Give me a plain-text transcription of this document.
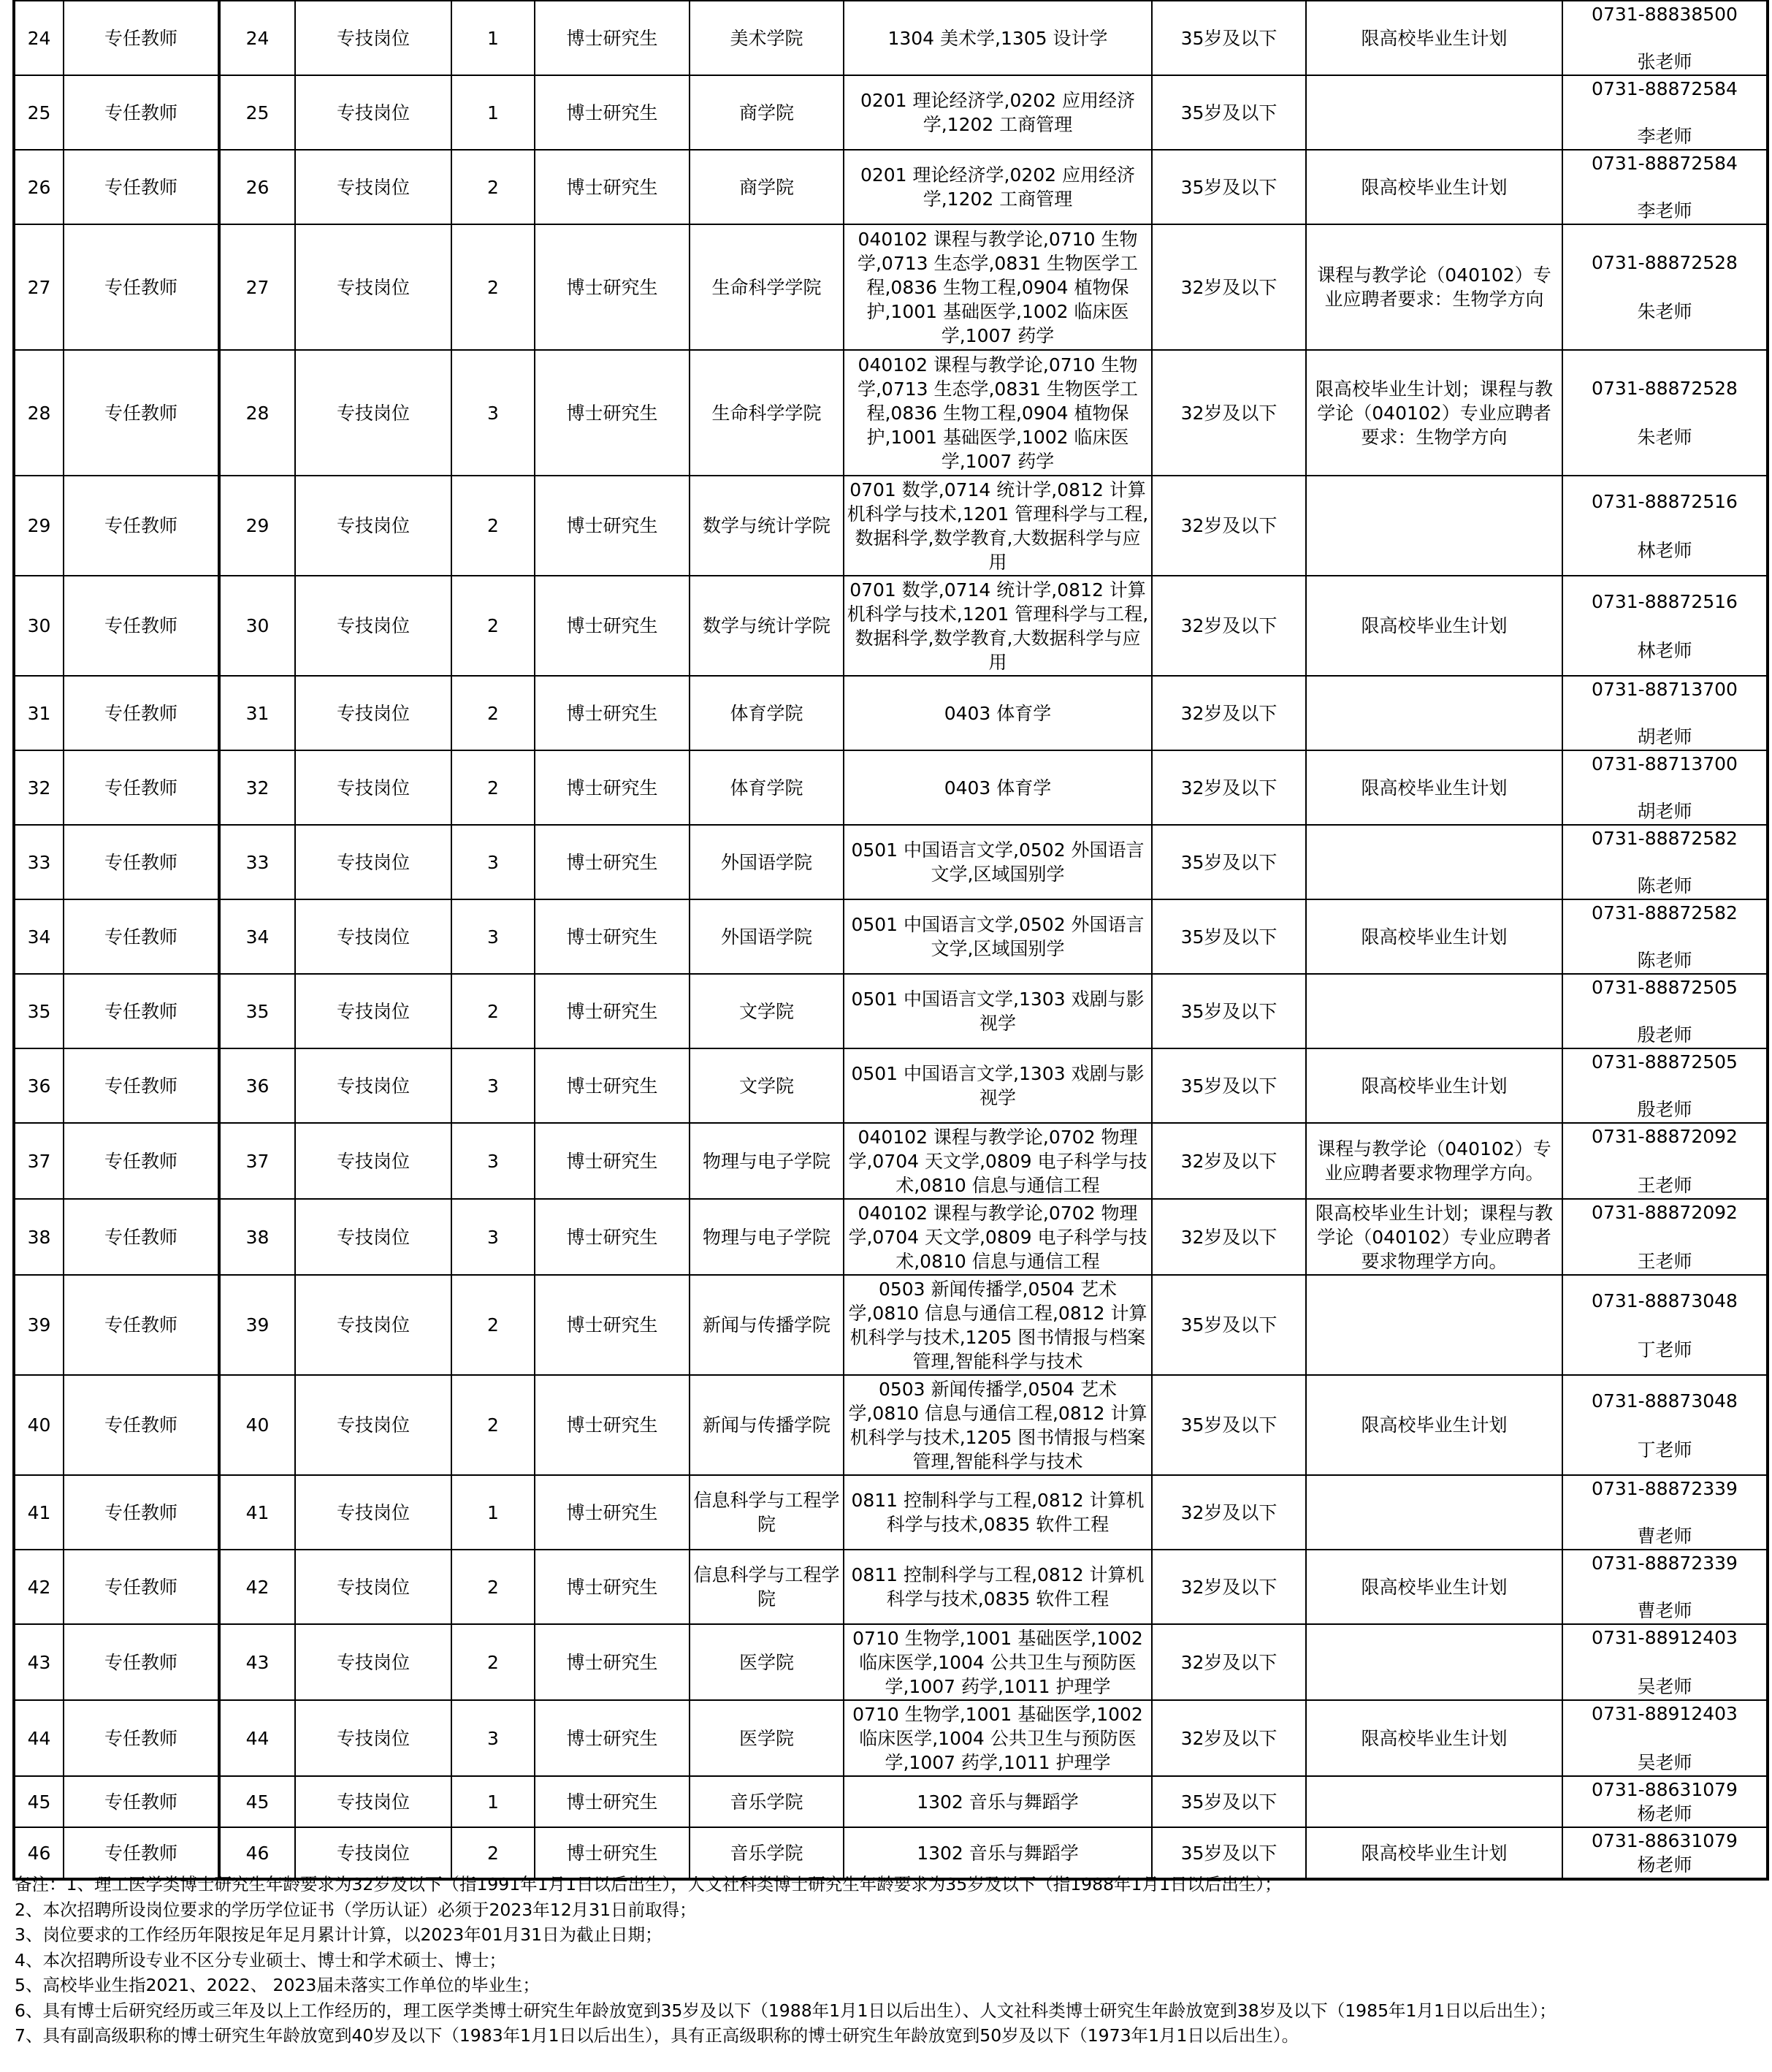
24	专任教师	24	专技岗位	1	博士研究生	美术学院	1304 美术学,1305 设计学	35岁及以下	限高校毕业生计划	0731-88838500
张老师

25	专任教师	25	专技岗位	1	博士研究生	商学院	0201 理论经济学,0202 应用经济学,1202 工商管理	35岁及以下		0731-88872584
李老师

26	专任教师	26	专技岗位	2	博士研究生	商学院	0201 理论经济学,0202 应用经济学,1202 工商管理	35岁及以下	限高校毕业生计划	0731-88872584
李老师

27	专任教师	27	专技岗位	2	博士研究生	生命科学学院	040102 课程与教学论,0710 生物学,0713 生态学,0831 生物医学工程,0836 生物工程,0904 植物保护,1001 基础医学,1002 临床医学,1007 药学	32岁及以下	课程与教学论（040102）专业应聘者要求：生物学方向	0731-88872528
朱老师

28	专任教师	28	专技岗位	3	博士研究生	生命科学学院	040102 课程与教学论,0710 生物学,0713 生态学,0831 生物医学工程,0836 生物工程,0904 植物保护,1001 基础医学,1002 临床医学,1007 药学	32岁及以下	限高校毕业生计划；课程与教学论（040102）专业应聘者要求：生物学方向	0731-88872528
朱老师

29	专任教师	29	专技岗位	2	博士研究生	数学与统计学院	0701 数学,0714 统计学,0812 计算机科学与技术,1201 管理科学与工程,数据科学,数学教育,大数据科学与应用	32岁及以下		0731-88872516
林老师

30	专任教师	30	专技岗位	2	博士研究生	数学与统计学院	0701 数学,0714 统计学,0812 计算机科学与技术,1201 管理科学与工程,数据科学,数学教育,大数据科学与应用	32岁及以下	限高校毕业生计划	0731-88872516
林老师

31	专任教师	31	专技岗位	2	博士研究生	体育学院	0403 体育学	32岁及以下		0731-88713700
胡老师

32	专任教师	32	专技岗位	2	博士研究生	体育学院	0403 体育学	32岁及以下	限高校毕业生计划	0731-88713700
胡老师

33	专任教师	33	专技岗位	3	博士研究生	外国语学院	0501 中国语言文学,0502 外国语言文学,区域国别学	35岁及以下		0731-88872582
陈老师

34	专任教师	34	专技岗位	3	博士研究生	外国语学院	0501 中国语言文学,0502 外国语言文学,区域国别学	35岁及以下	限高校毕业生计划	0731-88872582
陈老师

35	专任教师	35	专技岗位	2	博士研究生	文学院	0501 中国语言文学,1303 戏剧与影视学	35岁及以下		0731-88872505
殷老师

36	专任教师	36	专技岗位	3	博士研究生	文学院	0501 中国语言文学,1303 戏剧与影视学	35岁及以下	限高校毕业生计划	0731-88872505
殷老师

37	专任教师	37	专技岗位	3	博士研究生	物理与电子学院	040102 课程与教学论,0702 物理学,0704 天文学,0809 电子科学与技术,0810 信息与通信工程	32岁及以下	课程与教学论（040102）专业应聘者要求物理学方向。	0731-88872092
王老师

38	专任教师	38	专技岗位	3	博士研究生	物理与电子学院	040102 课程与教学论,0702 物理学,0704 天文学,0809 电子科学与技术,0810 信息与通信工程	32岁及以下	限高校毕业生计划；课程与教学论（040102）专业应聘者要求物理学方向。	0731-88872092
王老师

39	专任教师	39	专技岗位	2	博士研究生	新闻与传播学院	0503 新闻传播学,0504 艺术学,0810 信息与通信工程,0812 计算机科学与技术,1205 图书情报与档案管理,智能科学与技术	35岁及以下		0731-88873048
丁老师

40	专任教师	40	专技岗位	2	博士研究生	新闻与传播学院	0503 新闻传播学,0504 艺术学,0810 信息与通信工程,0812 计算机科学与技术,1205 图书情报与档案管理,智能科学与技术	35岁及以下	限高校毕业生计划	0731-88873048
丁老师

41	专任教师	41	专技岗位	1	博士研究生	信息科学与工程学院	0811 控制科学与工程,0812 计算机科学与技术,0835 软件工程	32岁及以下		0731-88872339
曹老师

42	专任教师	42	专技岗位	2	博士研究生	信息科学与工程学院	0811 控制科学与工程,0812 计算机科学与技术,0835 软件工程	32岁及以下	限高校毕业生计划	0731-88872339
曹老师

43	专任教师	43	专技岗位	2	博士研究生	医学院	0710 生物学,1001 基础医学,1002 临床医学,1004 公共卫生与预防医学,1007 药学,1011 护理学	32岁及以下		0731-88912403
吴老师

44	专任教师	44	专技岗位	3	博士研究生	医学院	0710 生物学,1001 基础医学,1002 临床医学,1004 公共卫生与预防医学,1007 药学,1011 护理学	32岁及以下	限高校毕业生计划	0731-88912403
吴老师

45	专任教师	45	专技岗位	1	博士研究生	音乐学院	1302 音乐与舞蹈学	35岁及以下		0731-88631079
杨老师

46	专任教师	46	专技岗位	2	博士研究生	音乐学院	1302 音乐与舞蹈学	35岁及以下	限高校毕业生计划	0731-88631079
杨老师
备注：1、理工医学类博士研究生年龄要求为32岁及以下（指1991年1月1日以后出生），人文社科类博士研究生年龄要求为35岁及以下（指1988年1月1日以后出生）；
2、本次招聘所设岗位要求的学历学位证书（学历认证）必须于2023年12月31日前取得；
3、岗位要求的工作经历年限按足年足月累计计算，以2023年01月31日为截止日期；
4、本次招聘所设专业不区分专业硕士、博士和学术硕士、博士；
5、高校毕业生指2021、2022、 2023届未落实工作单位的毕业生；
6、具有博士后研究经历或三年及以上工作经历的，理工医学类博士研究生年龄放宽到35岁及以下（1988年1月1日以后出生）、人文社科类博士研究生年龄放宽到38岁及以下（1985年1月1日以后出生）；
7、具有副高级职称的博士研究生年龄放宽到40岁及以下（1983年1月1日以后出生），具有正高级职称的博士研究生年龄放宽到50岁及以下（1973年1月1日以后出生）。
